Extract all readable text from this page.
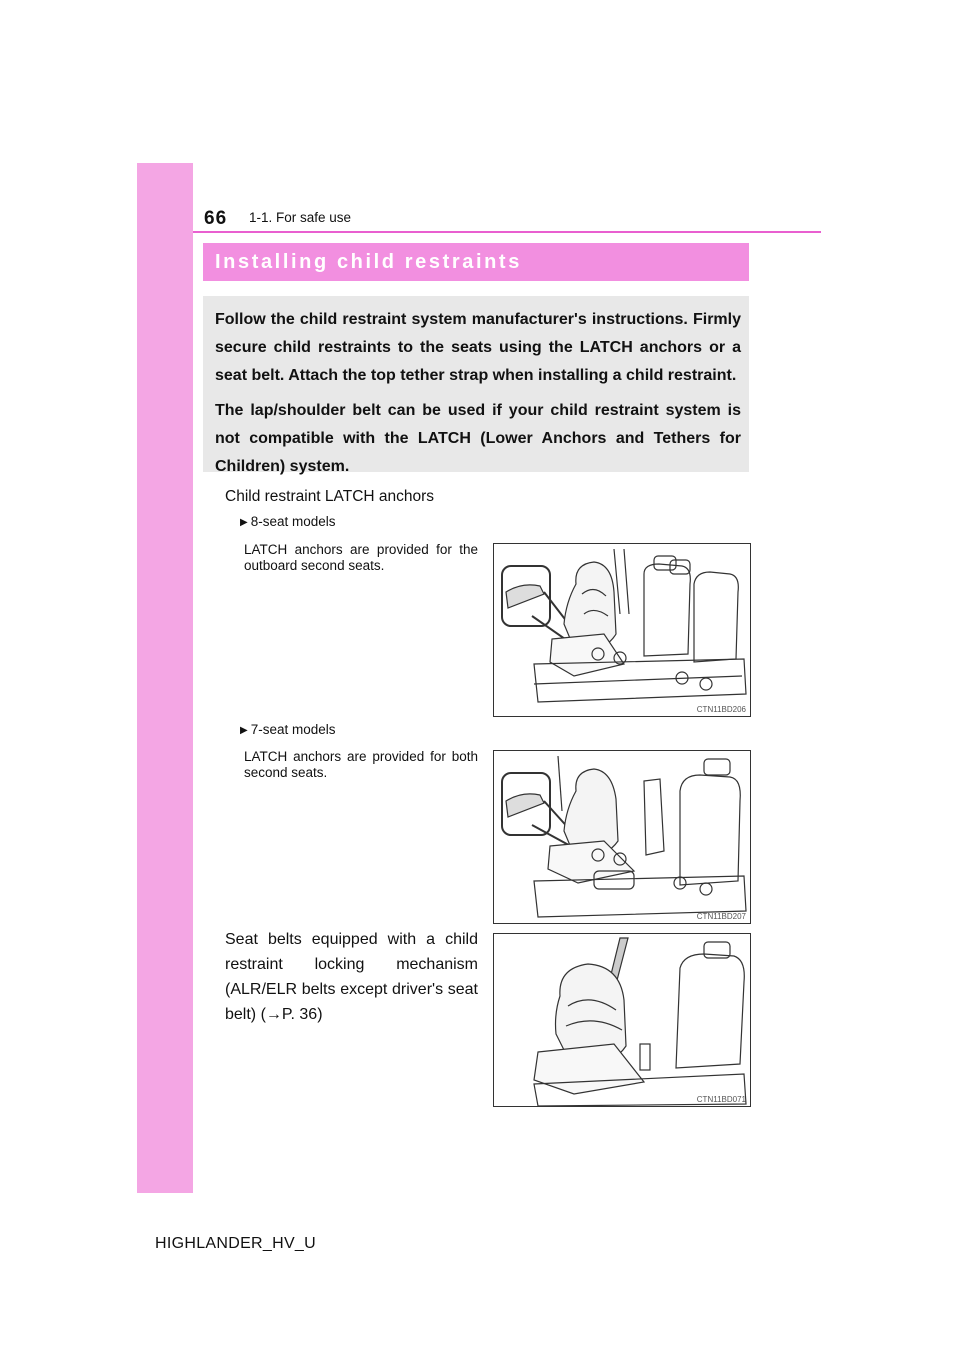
66 1-1. For safe use
Installing child restraints

Follow the child restraint system manufacturer's instructions. Firmly secure child restraints to the seats using the LATCH anchors or a seat belt. Attach the top tether strap when installing a child restraint.

The lap/shoulder belt can be used if your child restraint system is not compatible with the LATCH (Lower Anchors and Tethers for Children) system.

Child restraint LATCH anchors
▶ 8-seat models
LATCH anchors are provided for the outboard second seats.
CTN11BD206
▶ 7-seat models
LATCH anchors are provided for both second seats.
CTN11BD207
Seat belts equipped with a child restraint locking mechanism (ALR/ELR belts except driver's seat belt) (→P. 36)
CTN11BD071
HIGHLANDER_HV_U
